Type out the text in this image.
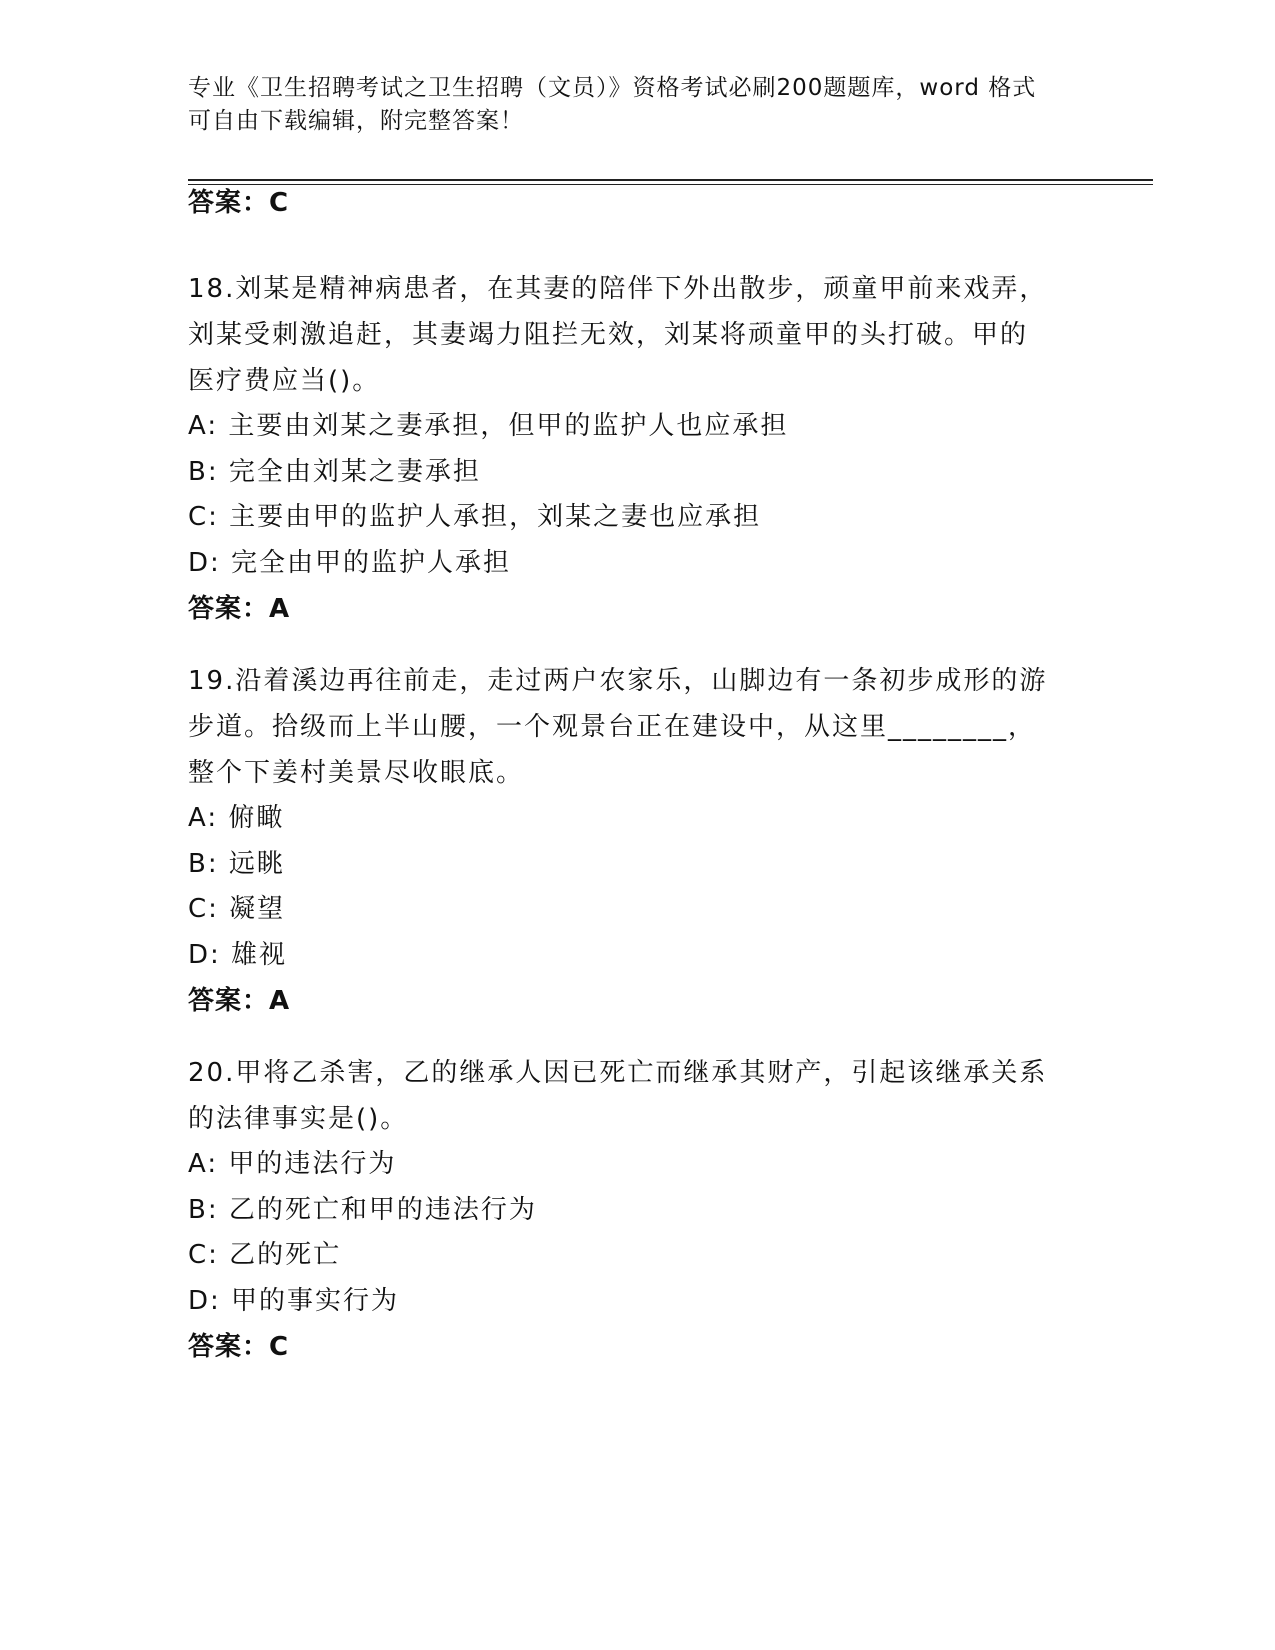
专业《卫生招聘考试之卫生招聘（文员）》资格考试必刷200题题库，word 格式
可自由下载编辑，附完整答案！
答案：C
18.刘某是精神病患者，在其妻的陪伴下外出散步，顽童甲前来戏弄，
刘某受刺激追赶，其妻竭力阻拦无效，刘某将顽童甲的头打破。甲的
医疗费应当()。
A: 主要由刘某之妻承担，但甲的监护人也应承担
B: 完全由刘某之妻承担
C: 主要由甲的监护人承担，刘某之妻也应承担
D: 完全由甲的监护人承担
答案：A
19.沿着溪边再往前走，走过两户农家乐，山脚边有一条初步成形的游
步道。拾级而上半山腰，一个观景台正在建设中，从这里________，
整个下姜村美景尽收眼底。
A: 俯瞰
B: 远眺
C: 凝望
D: 雄视
答案：A
20.甲将乙杀害，乙的继承人因已死亡而继承其财产，引起该继承关系
的法律事实是()。
A: 甲的违法行为
B: 乙的死亡和甲的违法行为
C: 乙的死亡
D: 甲的事实行为
答案：C
